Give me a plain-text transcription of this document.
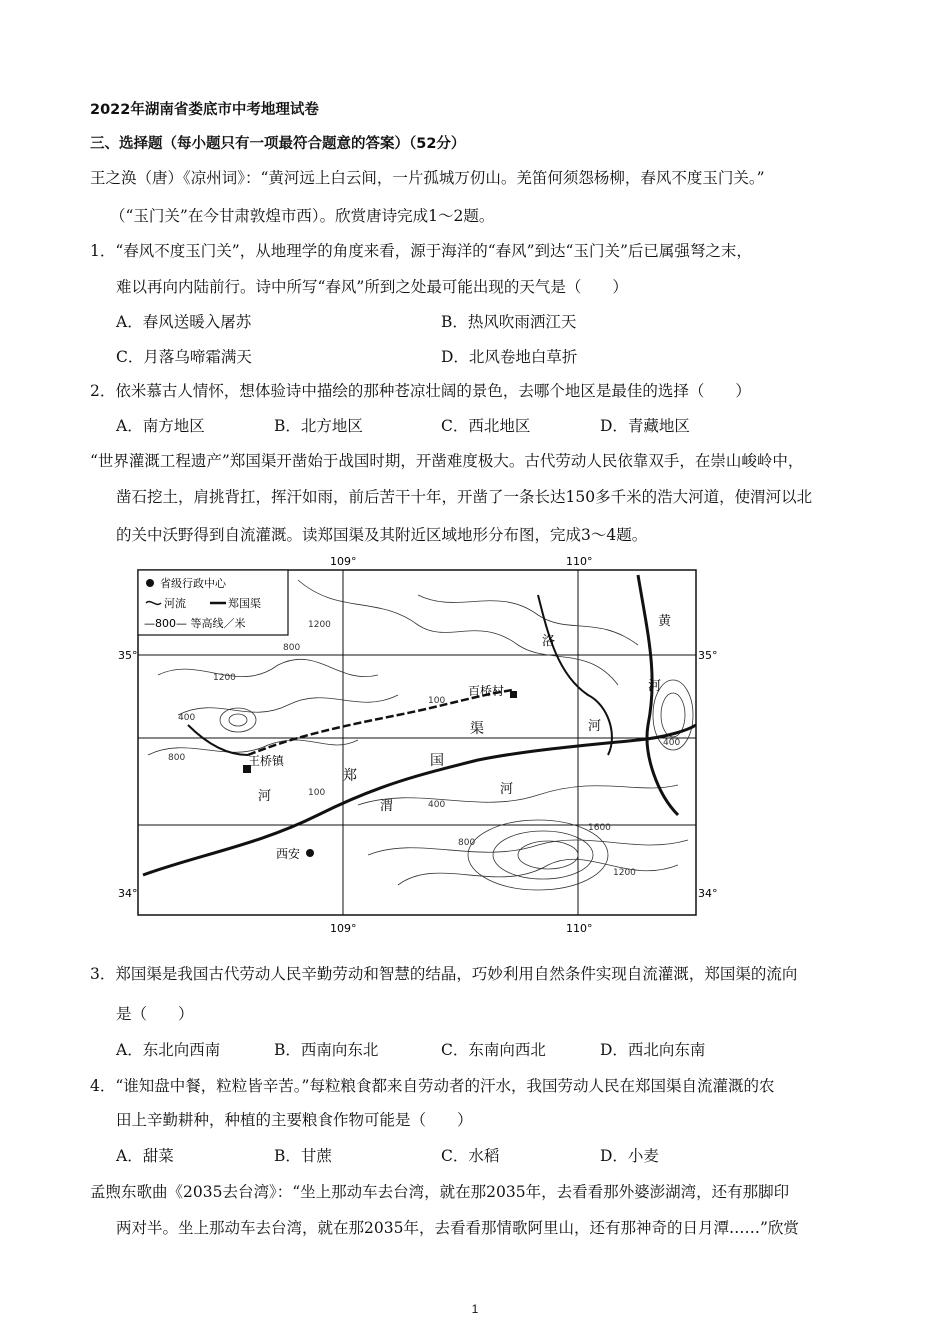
2022年湖南省娄底市中考地理试卷
三、选择题（每小题只有一项最符合题意的答案）（52分）
王之涣（唐）《凉州词》：“黄河远上白云间，一片孤城万仞山。羌笛何须怨杨柳，春风不度玉门关。”
（“玉门关”在今甘肃敦煌市西）。欣赏唐诗完成1～2题。
1．“春风不度玉门关”，从地理学的角度来看，源于海洋的“春风”到达“玉门关”后已属强弩之末，
难以再向内陆前行。诗中所写“春风”所到之处最可能出现的天气是（　　）
A．春风送暖入屠苏	B．热风吹雨洒江天
C．月落乌啼霜满天	D．北风卷地白草折
2．依米慕古人情怀，想体验诗中描绘的那种苍凉壮阔的景色，去哪个地区是最佳的选择（　　）
A．南方地区	B．北方地区	C．西北地区	D．青藏地区
“世界灌溉工程遗产”郑国渠开凿始于战国时期，开凿难度极大。古代劳动人民依靠双手，在崇山峻岭中，
凿石挖土，肩挑背扛，挥汗如雨，前后苦干十年，开凿了一条长达150多千米的浩大河道，使渭河以北
的关中沃野得到自流灌溉。读郑国渠及其附近区域地形分布图，完成3～4题。
省级行政中心
河流	郑国渠
—800— 等高线／米
109°	110°
109°	110°
35°	35°
34°	34°
王桥镇
西安
百桥村
郑
国
渠
河
渭
河
洛
河
黄
河
1200
800
1200
800
400
100
100
400
800
1600
1200
400
3．郑国渠是我国古代劳动人民辛勤劳动和智慧的结晶，巧妙利用自然条件实现自流灌溉，郑国渠的流向
是（　　）
A．东北向西南	B．西南向东北	C．东南向西北	D．西北向东南
4．“谁知盘中餐，粒粒皆辛苦。”每粒粮食都来自劳动者的汗水，我国劳动人民在郑国渠自流灌溉的农
田上辛勤耕种，种植的主要粮食作物可能是（　　）
A．甜菜	B．甘蔗	C．水稻	D．小麦
孟煦东歌曲《2035去台湾》：“坐上那动车去台湾，就在那2035年，去看看那外婆澎湖湾，还有那脚印
两对半。坐上那动车去台湾，就在那2035年，去看看那情歌阿里山，还有那神奇的日月潭……”欣赏
1
